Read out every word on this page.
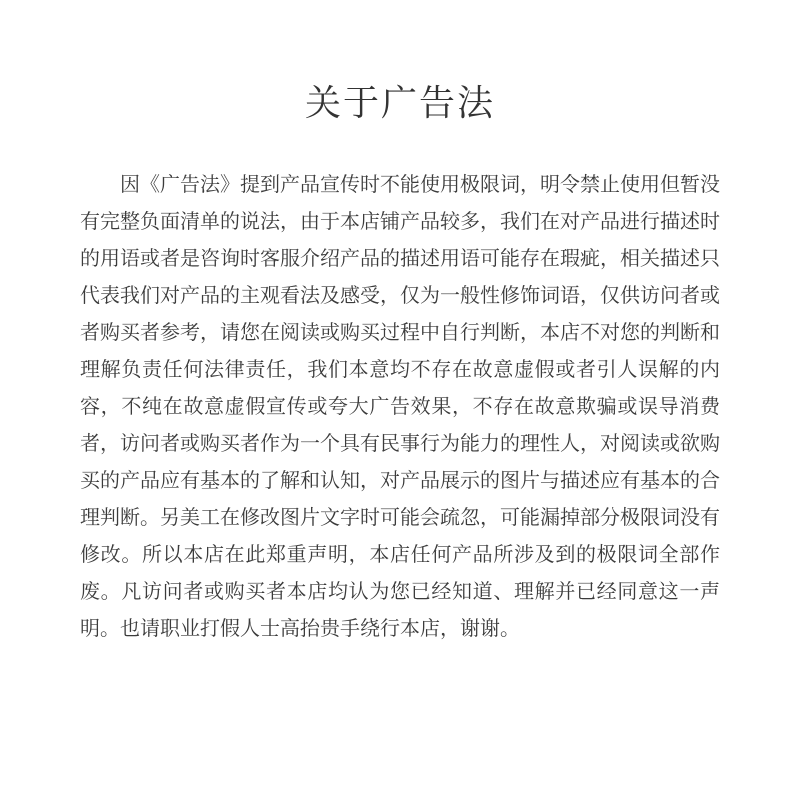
关于广告法

因《广告法》提到产品宣传时不能使用极限词，明令禁止使用但暂没有完整负面清单的说法，由于本店铺产品较多，我们在对产品进行描述时的用语或者是咨询时客服介绍产品的描述用语可能存在瑕疵，相关描述只代表我们对产品的主观看法及感受，仅为一般性修饰词语，仅供访问者或者购买者参考，请您在阅读或购买过程中自行判断，本店不对您的判断和理解负责任何法律责任，我们本意均不存在故意虚假或者引人误解的内容，不纯在故意虚假宣传或夸大广告效果，不存在故意欺骗或误导消费者，访问者或购买者作为一个具有民事行为能力的理性人，对阅读或欲购买的产品应有基本的了解和认知，对产品展示的图片与描述应有基本的合理判断。另美工在修改图片文字时可能会疏忽，可能漏掉部分极限词没有修改。所以本店在此郑重声明，本店任何产品所涉及到的极限词全部作废。凡访问者或购买者本店均认为您已经知道、理解并已经同意这一声明。也请职业打假人士高抬贵手绕行本店，谢谢。
